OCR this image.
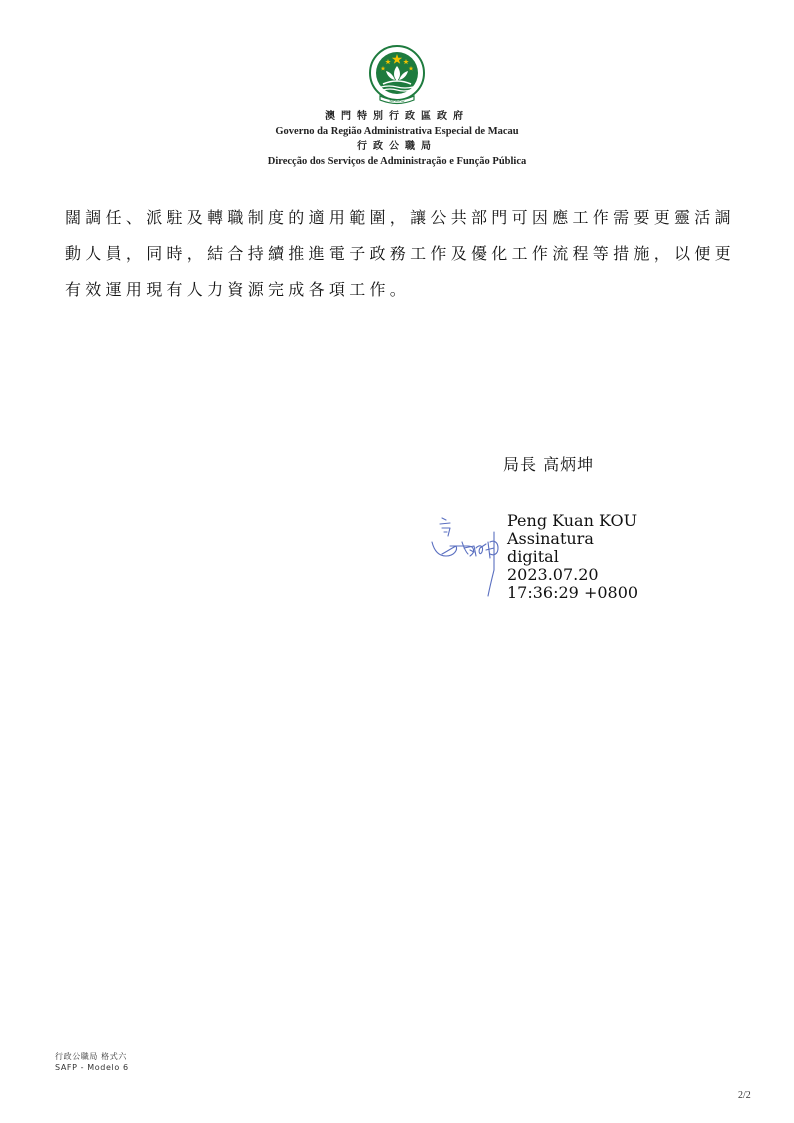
MACAU
澳門特別行政區政府
Governo da Região Administrativa Especial de Macau
行政公職局
Direcção dos Serviços de Administração e Função Pública
闊調任、派駐及轉職制度的適用範圍，讓公共部門可因應工作需要更靈活調
動人員，同時，結合持續推進電子政務工作及優化工作流程等措施，以便更
有效運用現有人力資源完成各項工作。
局長 高炳坤
Peng Kuan KOU
Assinatura
digital
2023.07.20
17:36:29 +0800
行政公職局 格式六
SAFP - Modelo 6
2/2
